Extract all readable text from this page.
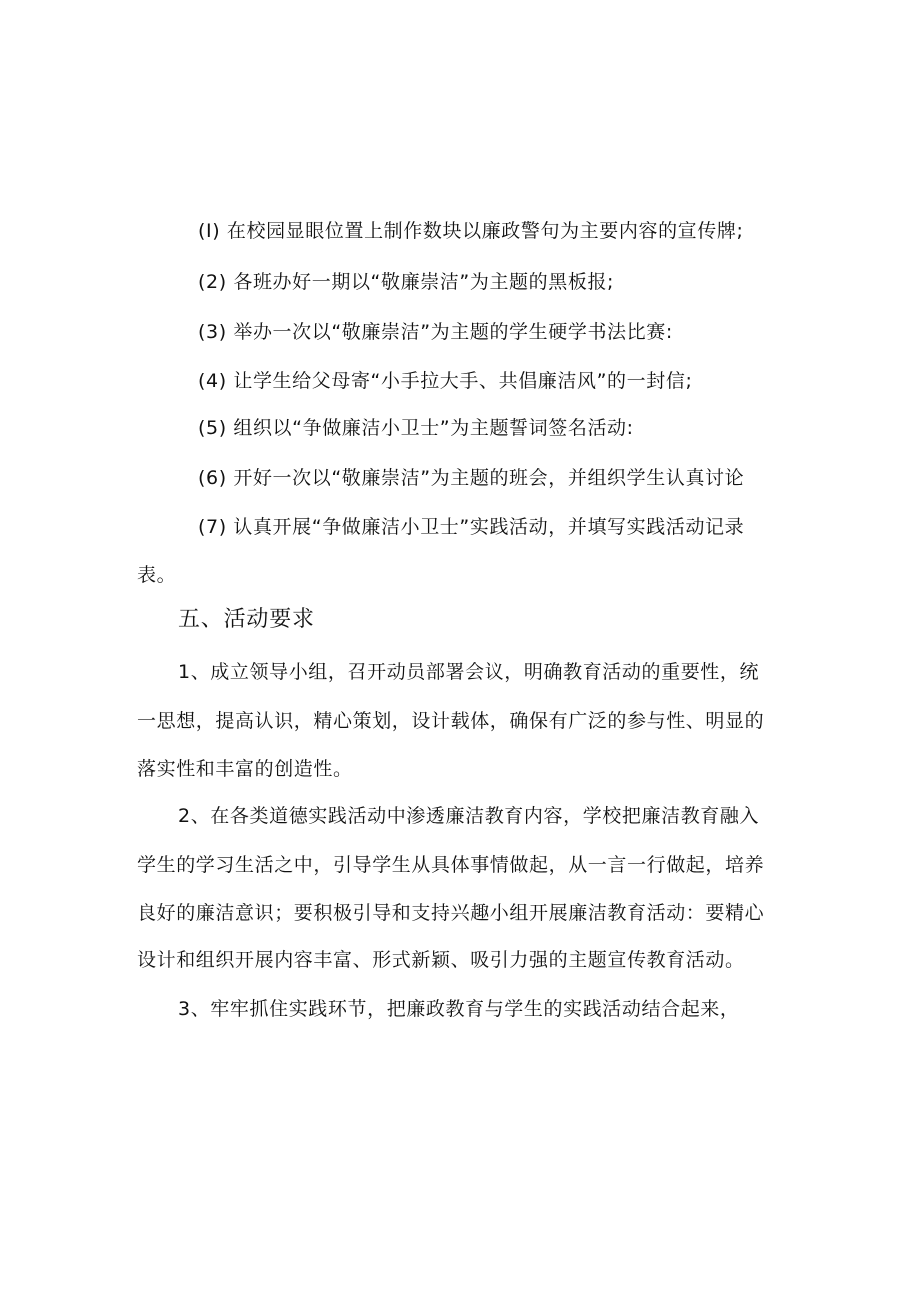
(I) 在校园显眼位置上制作数块以廉政警句为主要内容的宣传牌;
(2) 各班办好一期以“敬廉崇洁”为主题的黑板报;
(3) 举办一次以“敬廉崇洁”为主题的学生硬学书法比赛:
(4) 让学生给父母寄“小手拉大手、共倡廉洁风”的一封信;
(5) 组织以“争做廉洁小卫士”为主题誓词签名活动:
(6) 开好一次以“敬廉崇洁”为主题的班会，并组织学生认真讨论
(7) 认真开展“争做廉洁小卫士”实践活动，并填写实践活动记录
表。
五、活动要求
1、成立领导小组，召开动员部署会议，明确教育活动的重要性，统
一思想，提高认识，精心策划，设计载体，确保有广泛的参与性、明显的
落实性和丰富的创造性。
2、在各类道德实践活动中渗透廉洁教育内容，学校把廉洁教育融入
学生的学习生活之中，引导学生从具体事情做起，从一言一行做起，培养
良好的廉洁意识；要积极引导和支持兴趣小组开展廉洁教育活动：要精心
设计和组织开展内容丰富、形式新颖、吸引力强的主题宣传教育活动。
3、牢牢抓住实践环节，把廉政教育与学生的实践活动结合起来，
